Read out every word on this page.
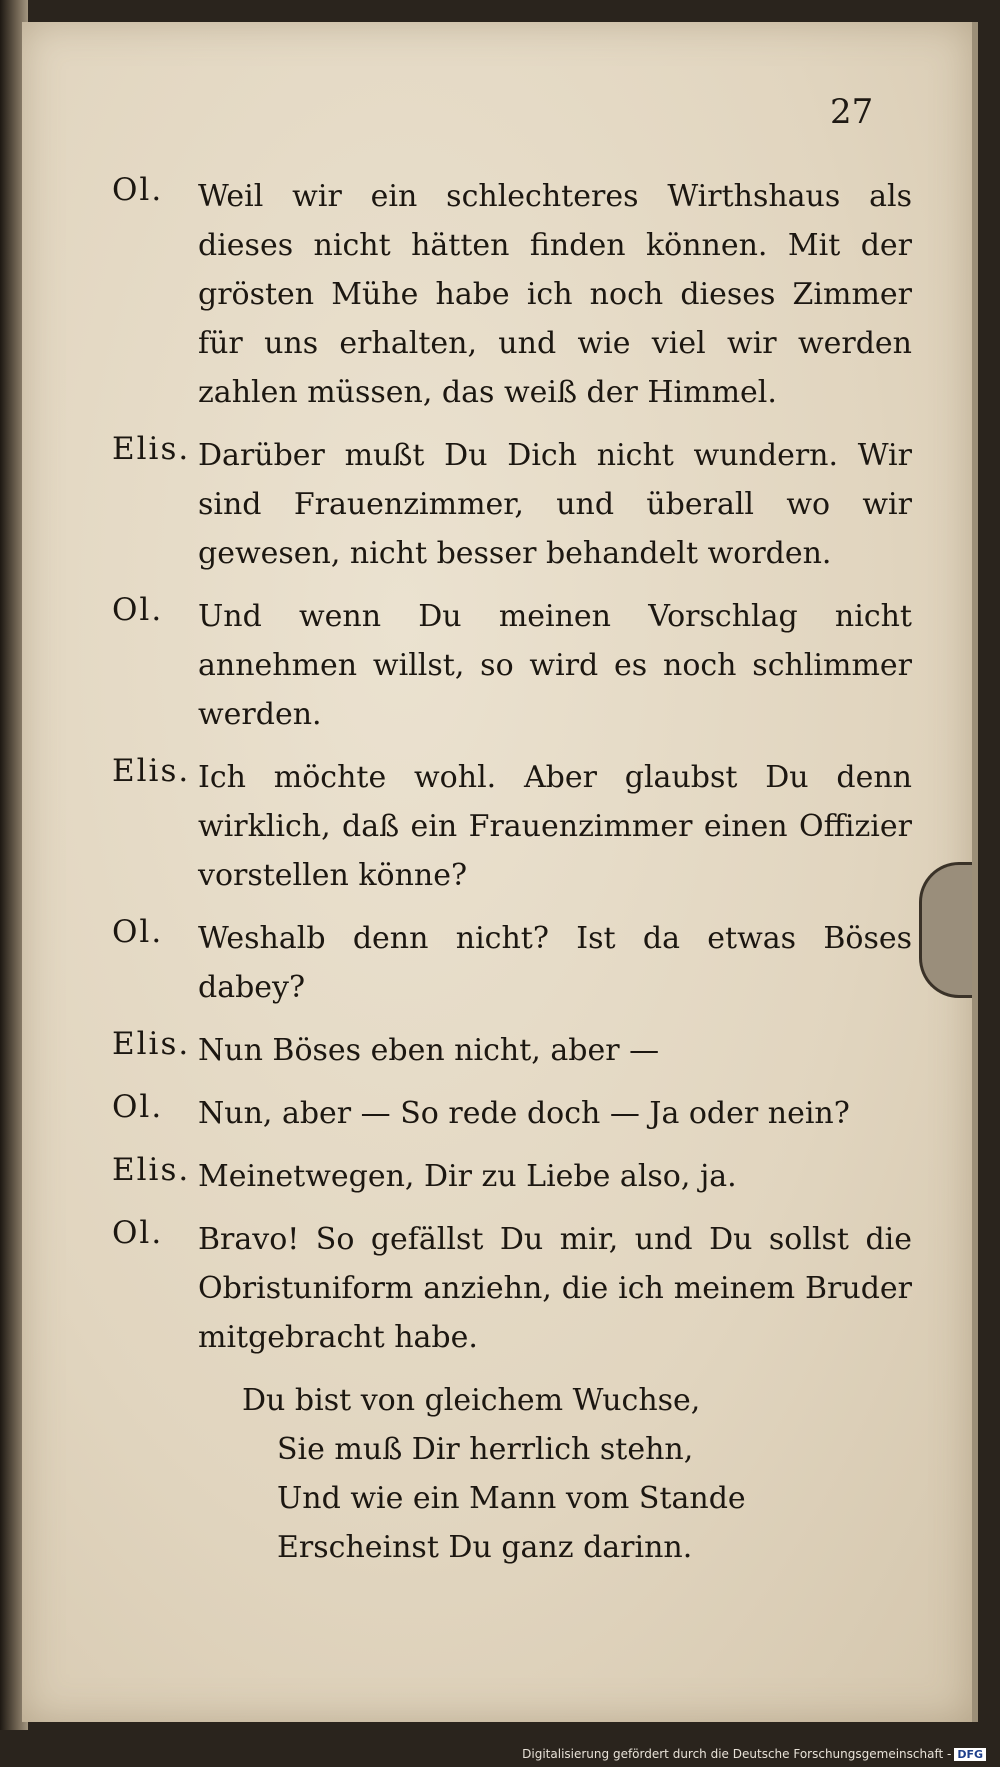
27
Ol.	Weil wir ein schlechteres Wirthshaus als dieses nicht hätten finden können. Mit der grösten Mühe habe ich noch dieses Zimmer für uns erhalten, und wie viel wir werden zahlen müssen, das weiß der Himmel.
Elis. Darüber mußt Du Dich nicht wundern. Wir sind Frauenzimmer, und überall wo wir gewesen, nicht besser behandelt worden.
Ol.	Und wenn Du meinen Vorschlag nicht annehmen willst, so wird es noch schlimmer werden.
Elis. Ich möchte wohl. Aber glaubst Du denn wirklich, daß ein Frauenzimmer einen Offizier vorstellen könne?
Ol.	Weshalb denn nicht? Ist da etwas Böses dabey?
Elis. Nun Böses eben nicht, aber —
Ol.	Nun, aber — So rede doch — Ja oder nein?
Elis. Meinetwegen, Dir zu Liebe also, ja.
Ol.	Bravo! So gefällst Du mir, und Du sollst die Obristuniform anziehn, die ich meinem Bruder mitgebracht habe.
Du bist von gleichem Wuchse,
Sie muß Dir herrlich stehn,
Und wie ein Mann vom Stande
Erscheinst Du ganz darinn.
Digitalisierung gefördert durch die Deutsche Forschungsgemeinschaft - DFG
